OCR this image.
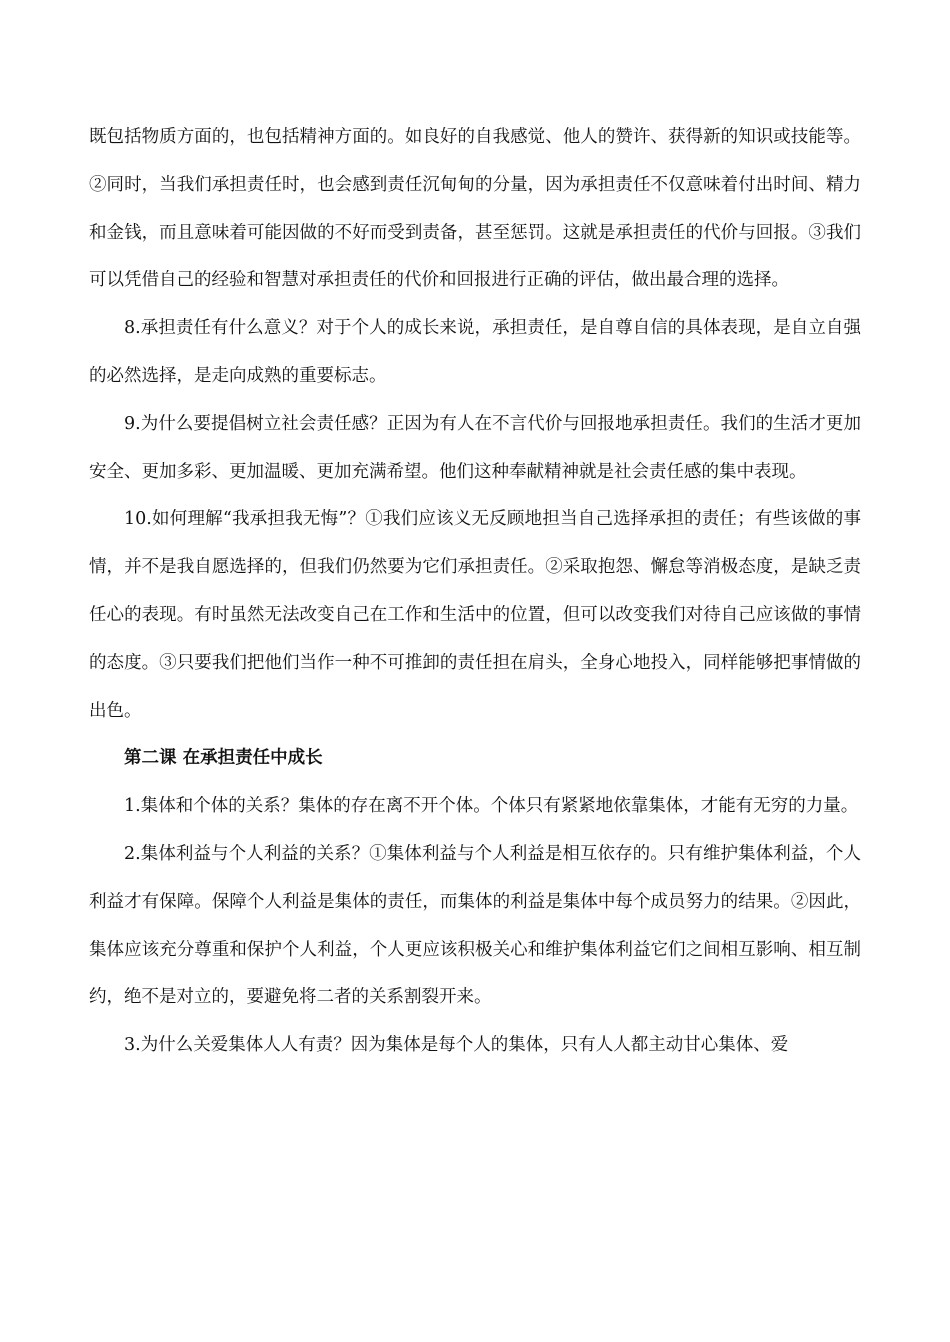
既包括物质方面的，也包括精神方面的。如良好的自我感觉、他人的赞许、获得新的知识或技能等。②同时，当我们承担责任时，也会感到责任沉甸甸的分量，因为承担责任不仅意味着付出时间、精力和金钱，而且意味着可能因做的不好而受到责备，甚至惩罚。这就是承担责任的代价与回报。③我们可以凭借自己的经验和智慧对承担责任的代价和回报进行正确的评估，做出最合理的选择。

8.承担责任有什么意义？对于个人的成长来说，承担责任，是自尊自信的具体表现，是自立自强的必然选择，是走向成熟的重要标志。

9.为什么要提倡树立社会责任感？正因为有人在不言代价与回报地承担责任。我们的生活才更加安全、更加多彩、更加温暖、更加充满希望。他们这种奉献精神就是社会责任感的集中表现。

10.如何理解“我承担我无悔”？①我们应该义无反顾地担当自己选择承担的责任；有些该做的事情，并不是我自愿选择的，但我们仍然要为它们承担责任。②采取抱怨、懈怠等消极态度，是缺乏责任心的表现。有时虽然无法改变自己在工作和生活中的位置，但可以改变我们对待自己应该做的事情的态度。③只要我们把他们当作一种不可推卸的责任担在肩头，全身心地投入，同样能够把事情做的出色。

第二课 在承担责任中成长

1.集体和个体的关系？集体的存在离不开个体。个体只有紧紧地依靠集体，才能有无穷的力量。

2.集体利益与个人利益的关系？①集体利益与个人利益是相互依存的。只有维护集体利益，个人利益才有保障。保障个人利益是集体的责任，而集体的利益是集体中每个成员努力的结果。②因此，集体应该充分尊重和保护个人利益，个人更应该积极关心和维护集体利益它们之间相互影响、相互制约，绝不是对立的，要避免将二者的关系割裂开来。

3.为什么关爱集体人人有责？因为集体是每个人的集体，只有人人都主动甘心集体、爱
